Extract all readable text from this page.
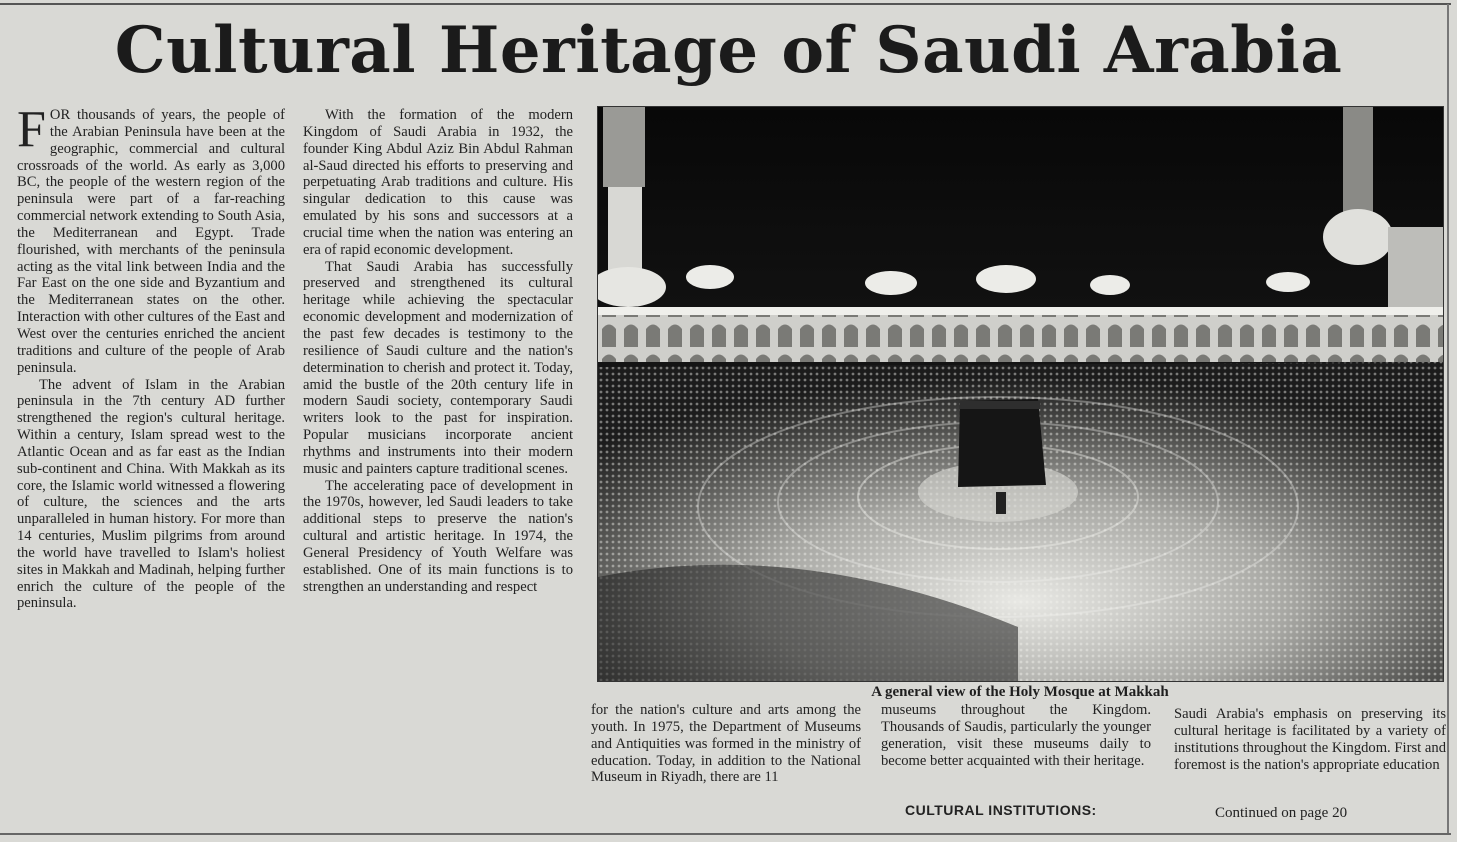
Cultural Heritage of Saudi Arabia

FOR thousands of years, the people of the Arabian Peninsula have been at the geographic, commercial and cultural crossroads of the world. As early as 3,000 BC, the people of the western region of the peninsula were part of a far-reaching commercial network extending to South Asia, the Mediterranean and Egypt. Trade flourished, with merchants of the peninsula acting as the vital link between India and the Far East on the one side and Byzantium and the Mediterranean states on the other. Interaction with other cultures of the East and West over the centuries enriched the ancient traditions and culture of the people of Arab peninsula.

The advent of Islam in the Arabian peninsula in the 7th century AD further strengthened the region's cultural heritage. Within a century, Islam spread west to the Atlantic Ocean and as far east as the Indian sub-continent and China. With Makkah as its core, the Islamic world witnessed a flowering of culture, the sciences and the arts unparalleled in human history. For more than 14 centuries, Muslim pilgrims from around the world have travelled to Islam's holiest sites in Makkah and Madinah, helping further enrich the culture of the people of the peninsula.

With the formation of the modern Kingdom of Saudi Arabia in 1932, the founder King Abdul Aziz Bin Abdul Rahman al-Saud directed his efforts to preserving and perpetuating Arab traditions and culture. His singular dedication to this cause was emulated by his sons and successors at a crucial time when the nation was entering an era of rapid economic development.

That Saudi Arabia has successfully preserved and strengthened its cultural heritage while achieving the spectacular economic development and modernization of the past few decades is testimony to the resilience of Saudi culture and the nation's determination to cherish and protect it. Today, amid the bustle of the 20th century life in modern Saudi society, contemporary Saudi writers look to the past for inspiration. Popular musicians incorporate ancient rhythms and instruments into their modern music and painters capture traditional scenes.

The accelerating pace of development in the 1970s, however, led Saudi leaders to take additional steps to preserve the nation's cultural and artistic heritage. In 1974, the General Presidency of Youth Welfare was established. One of its main functions is to strengthen an understanding and respect

A general view of the Holy Mosque at Makkah

for the nation's culture and arts among the youth. In 1975, the Department of Museums and Antiquities was formed in the ministry of education. Today, in addition to the National Museum in Riyadh, there are 11

museums throughout the Kingdom. Thousands of Saudis, particularly the younger generation, visit these museums daily to become better acquainted with their heritage.

CULTURAL INSTITUTIONS:

Saudi Arabia's emphasis on preserving its cultural heritage is facilitated by a variety of institutions throughout the Kingdom. First and foremost is the nation's appropriate education

Continued on page 20
